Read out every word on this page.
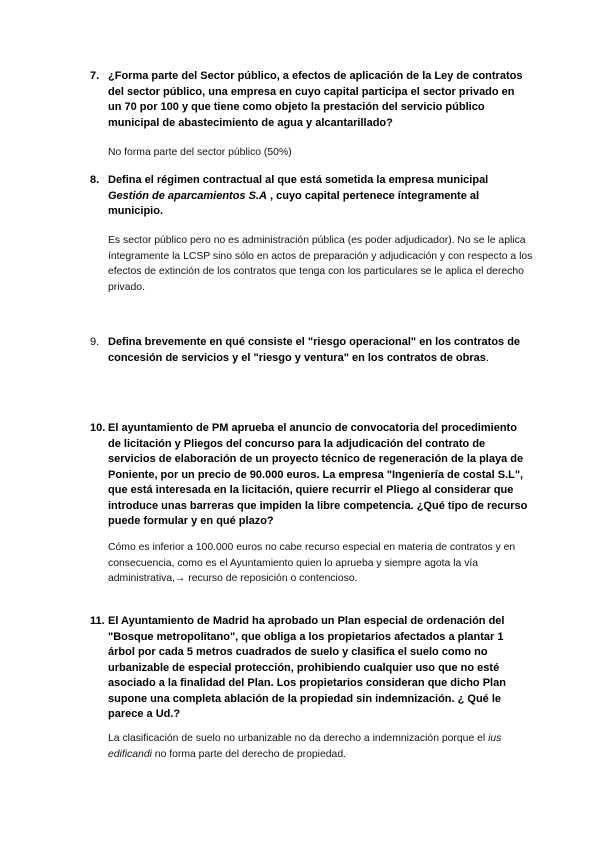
7. ¿Forma parte del Sector público, a efectos de aplicación de la Ley de contratos del sector público, una empresa en cuyo capital participa el sector privado en un 70 por 100 y que tiene como objeto la prestación del servicio público municipal de abastecimiento de agua y alcantarillado?
No forma parte del sector público (50%)
8. Defina el régimen contractual al que está sometida la empresa municipal Gestión de aparcamientos S.A , cuyo capital pertenece íntegramente al municipio.
Es sector público pero no es administración pública (es poder adjudicador). No se le aplica íntegramente la LCSP sino sólo en actos de preparación y adjudicación y con respecto a los efectos de extinción de los contratos que tenga con los particulares se le aplica el derecho privado.
9. Defina brevemente en qué consiste el "riesgo operacional" en los contratos de concesión de servicios y el "riesgo y ventura" en los contratos de obras.
10. El ayuntamiento de PM aprueba el anuncio de convocatoria del procedimiento de licitación y Pliegos del concurso para la adjudicación del contrato de servicios de elaboración de un proyecto técnico de regeneración de la playa de Poniente, por un precio de 90.000 euros. La empresa "Ingeniería de costal S.L", que está interesada en la licitación, quiere recurrir el Pliego al considerar que introduce unas barreras que impiden la libre competencia. ¿Qué tipo de recurso puede formular y en qué plazo?
Cómo es inferior a 100.000 euros no cabe recurso especial en materia de contratos y en consecuencia, como es el Ayuntamiento quien lo aprueba y siempre agota la vía administrativa,→ recurso de reposición o contencioso.
11. El Ayuntamiento de Madrid ha aprobado un Plan especial de ordenación del "Bosque metropolitano", que obliga a los propietarios afectados a plantar 1 árbol por cada 5 metros cuadrados de suelo y clasifica el suelo como no urbanizable de especial protección, prohibiendo cualquier uso que no esté asociado a la finalidad del Plan. Los propietarios consideran que dicho Plan supone una completa ablación de la propiedad sin indemnización. ¿ Qué le parece a Ud.?
La clasificación de suelo no urbanizable no da derecho a indemnización porque el ius edificandi no forma parte del derecho de propiedad.
